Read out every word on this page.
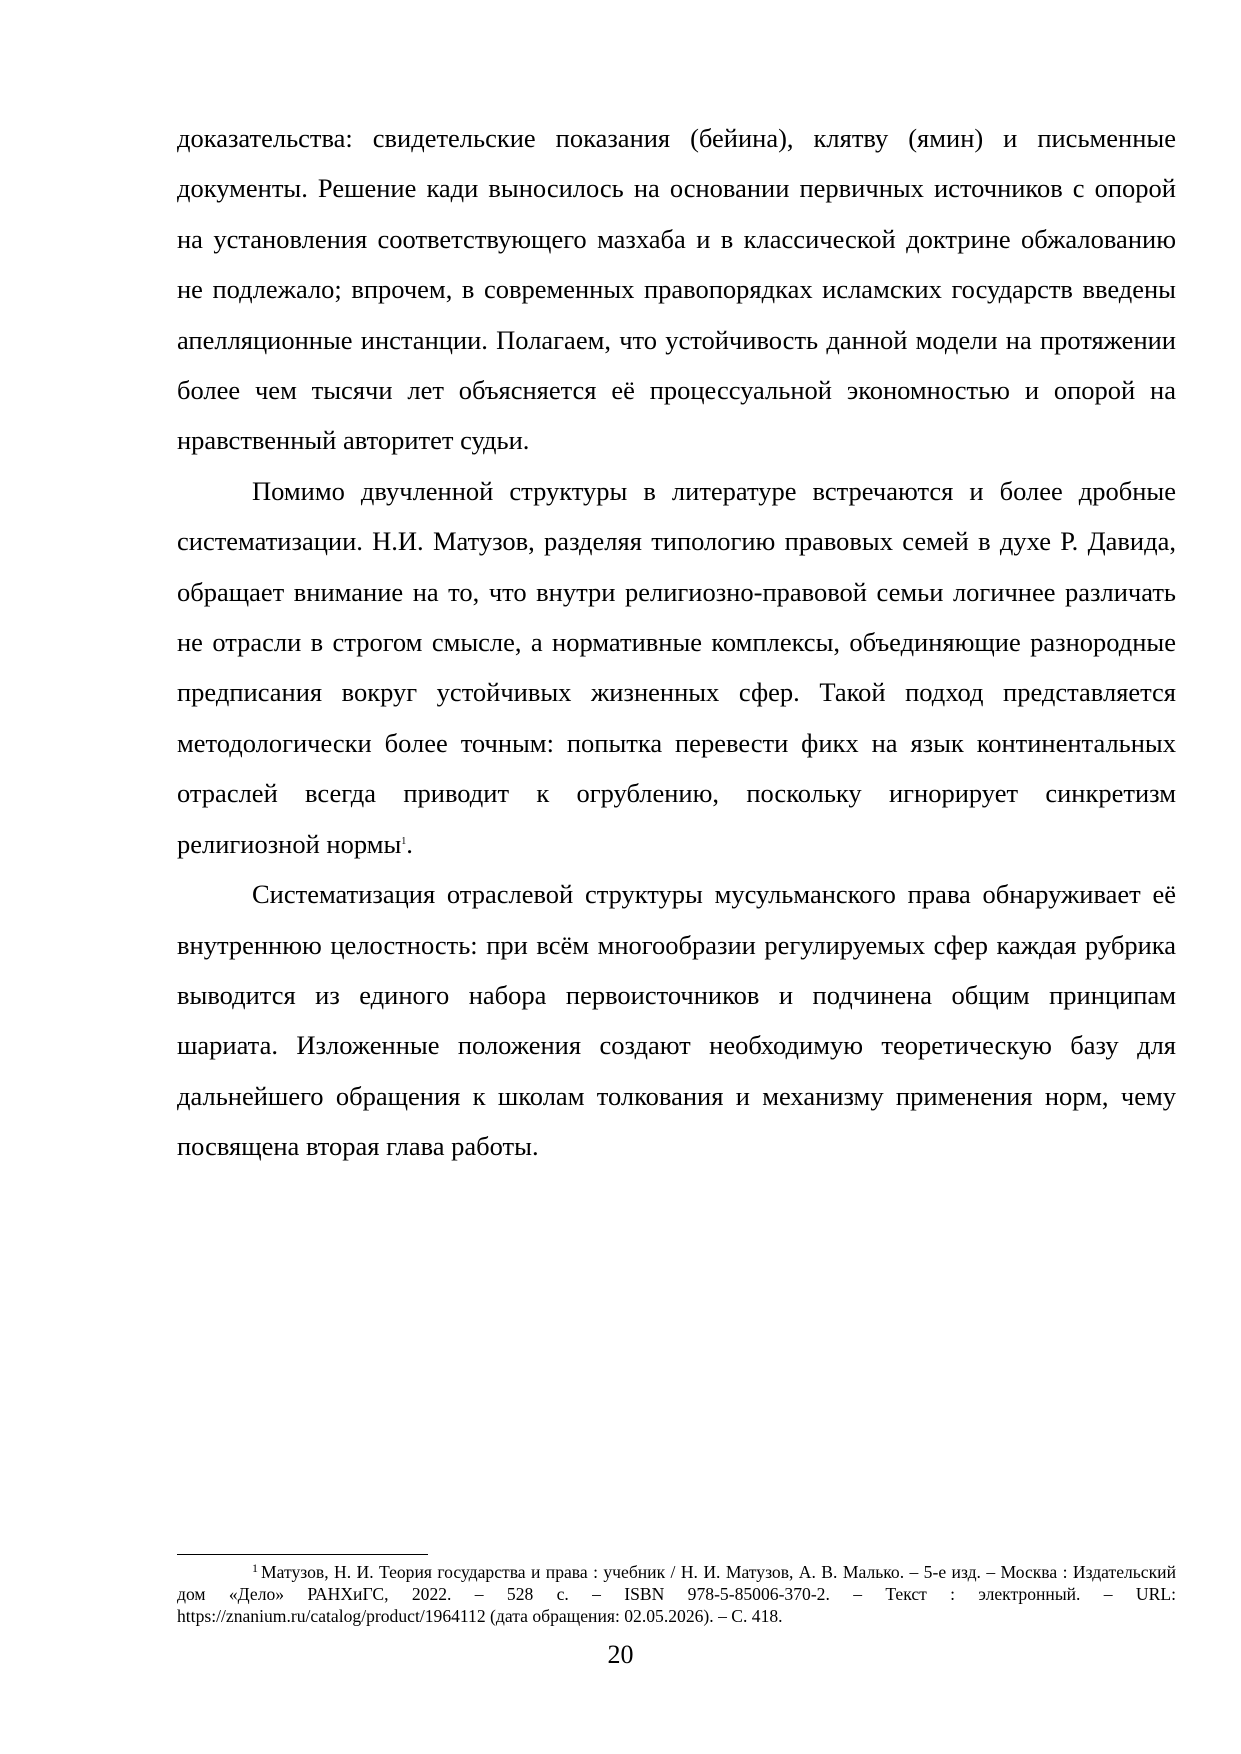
доказательства: свидетельские показания (бейина), клятву (ямин) и письменные документы. Решение кади выносилось на основании первичных источников с опорой на установления соответствующего мазхаба и в классической доктрине обжалованию не подлежало; впрочем, в современных правопорядках исламских государств введены апелляционные инстанции. Полагаем, что устойчивость данной модели на протяжении более чем тысячи лет объясняется её процессуальной экономностью и опорой на нравственный авторитет судьи.

Помимо двучленной структуры в литературе встречаются и более дробные систематизации. Н.И. Матузов, разделяя типологию правовых семей в духе Р. Давида, обращает внимание на то, что внутри религиозно-правовой семьи логичнее различать не отрасли в строгом смысле, а нормативные комплексы, объединяющие разнородные предписания вокруг устойчивых жизненных сфер. Такой подход представляется методологически более точным: попытка перевести фикх на язык континентальных отраслей всегда приводит к огрублению, поскольку игнорирует синкретизм религиозной нормы$^1$.

Систематизация отраслевой структуры мусульманского права обнаруживает её внутреннюю целостность: при всём многообразии регулируемых сфер каждая рубрика выводится из единого набора первоисточников и подчинена общим принципам шариата. Изложенные положения создают необходимую теоретическую базу для дальнейшего обращения к школам толкования и механизму применения норм, чему посвящена вторая глава работы.

$^1$ Матузов, Н. И. Теория государства и права : учебник / Н. И. Матузов, А. В. Малько. – 5-е изд. – Москва : Издательский дом «Дело» РАНХиГС, 2022. – 528 с. – ISBN 978-5-85006-370-2. – Текст : электронный. – URL: https://znanium.ru/catalog/product/1964112 (дата обращения: 02.05.2026). – С. 418.

20
